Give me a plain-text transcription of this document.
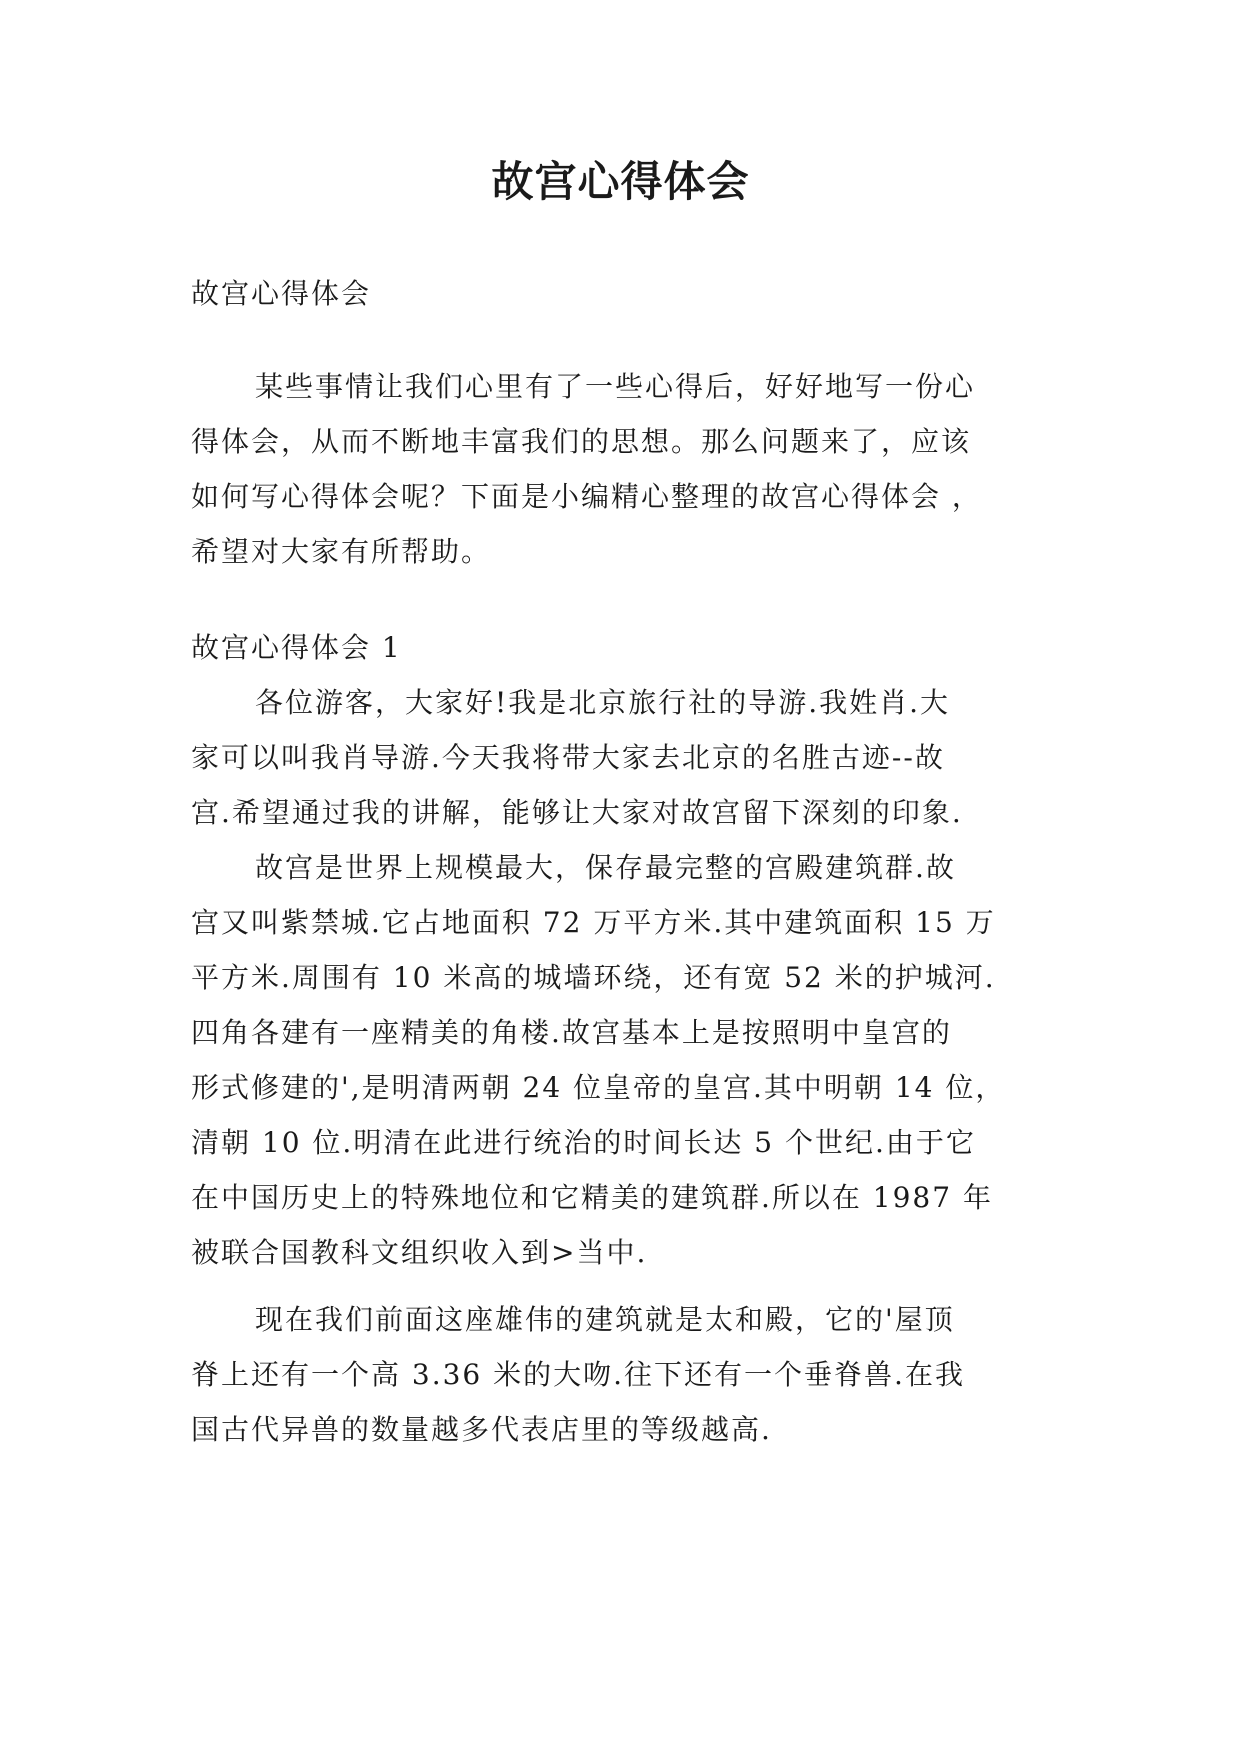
故宫心得体会
故宫心得体会
某些事情让我们心里有了一些心得后，好好地写一份心
得体会，从而不断地丰富我们的思想。那么问题来了，应该
如何写心得体会呢？下面是小编精心整理的故宫心得体会 ，
希望对大家有所帮助。
故宫心得体会 1
各位游客，大家好!我是北京旅行社的导游.我姓肖.大
家可以叫我肖导游.今天我将带大家去北京的名胜古迹--故
宫.希望通过我的讲解，能够让大家对故宫留下深刻的印象.
故宫是世界上规模最大，保存最完整的宫殿建筑群.故
宫又叫紫禁城.它占地面积 72 万平方米.其中建筑面积 15 万
平方米.周围有 10 米高的城墙环绕，还有宽 52 米的护城河.
四角各建有一座精美的角楼.故宫基本上是按照明中皇宫的
形式修建的',是明清两朝 24 位皇帝的皇宫.其中明朝 14 位，
清朝 10 位.明清在此进行统治的时间长达 5 个世纪.由于它
在中国历史上的特殊地位和它精美的建筑群.所以在 1987 年
被联合国教科文组织收入到>当中.
现在我们前面这座雄伟的建筑就是太和殿，它的'屋顶
脊上还有一个高 3.36 米的大吻.往下还有一个垂脊兽.在我
国古代异兽的数量越多代表店里的等级越高.
